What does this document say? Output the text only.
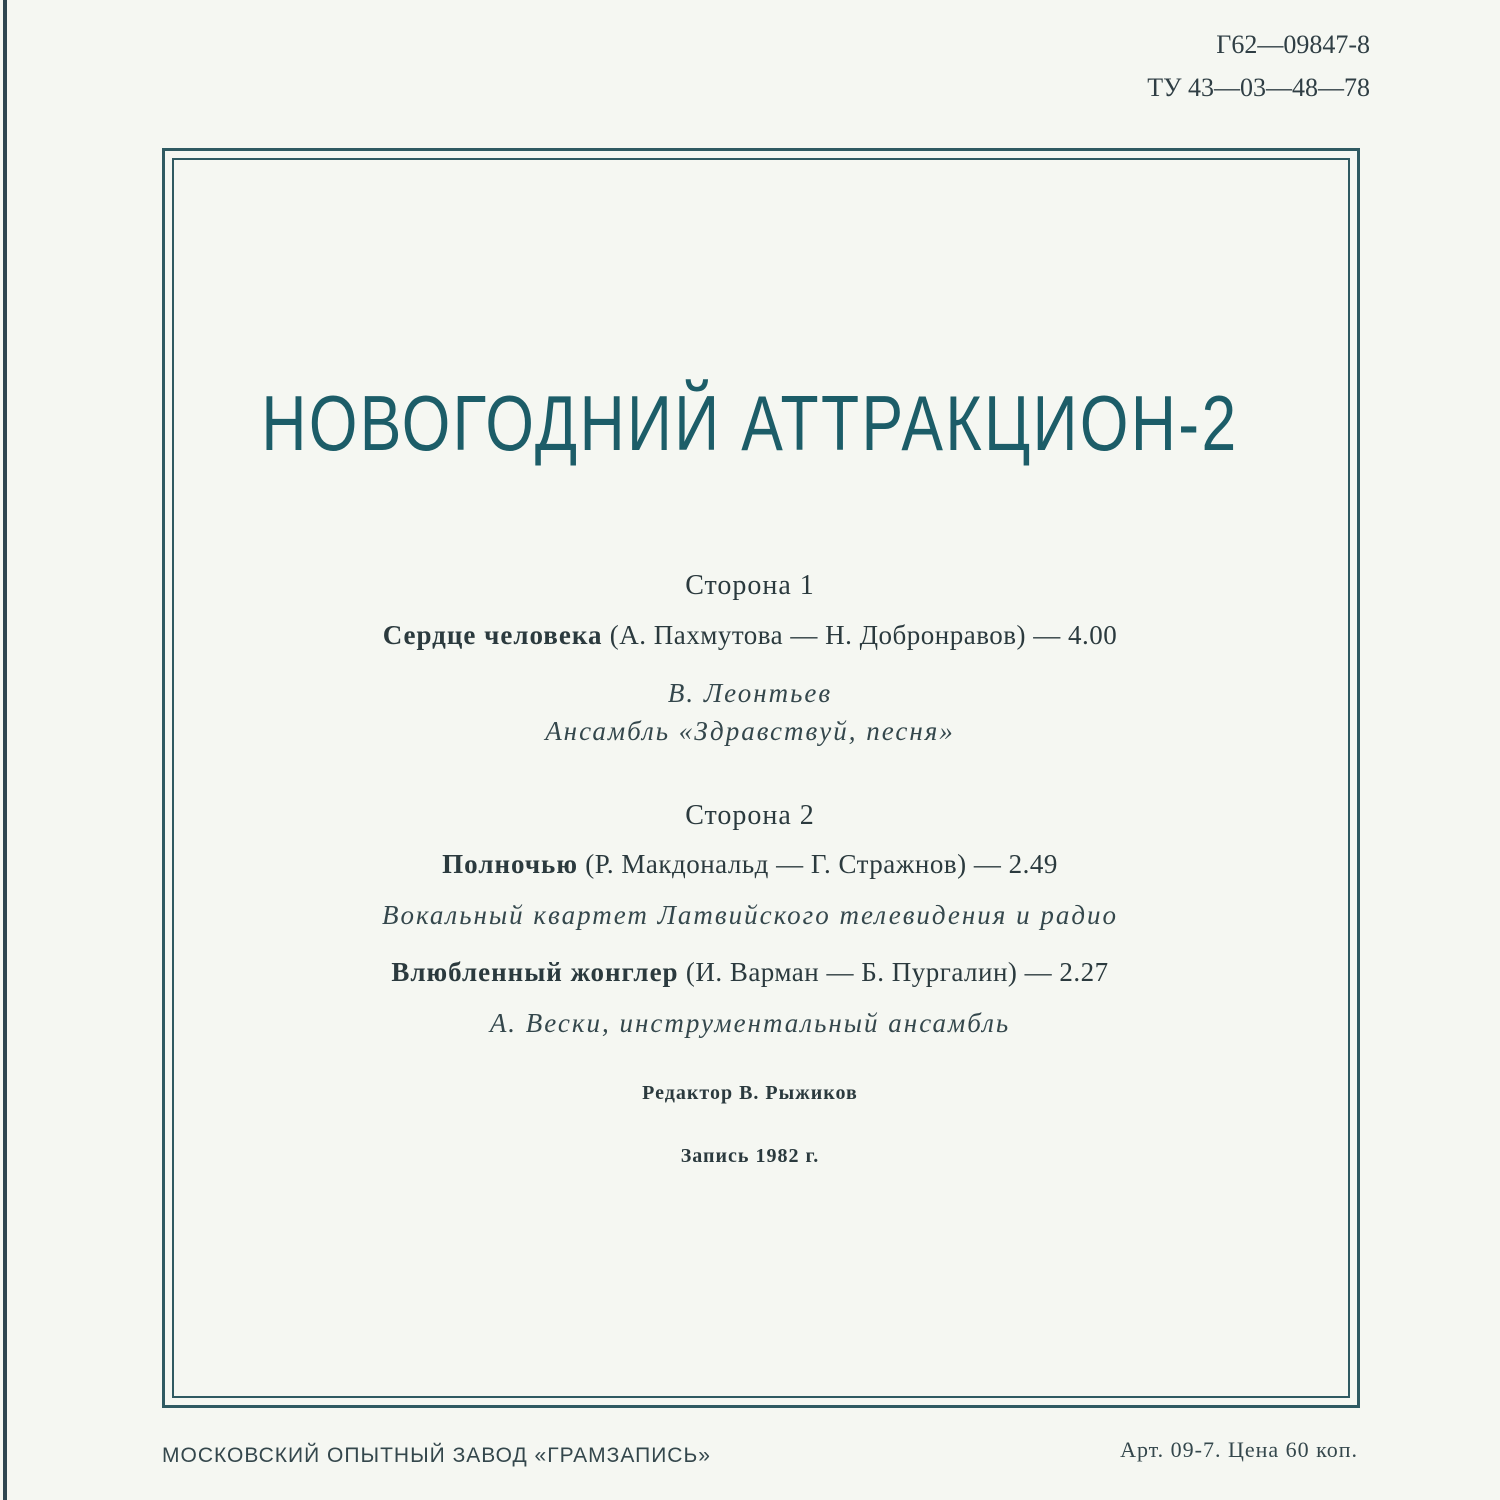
Г62—09847-8
ТУ 43—03—48—78
НОВОГОДНИЙ АТТРАКЦИОН-2
Сторона 1
Сердце человека (А. Пахмутова — Н. Добронравов) — 4.00
В. Леонтьев
Ансамбль «Здравствуй, песня»
Сторона 2
Полночью (Р. Макдональд — Г. Стражнов) — 2.49
Вокальный квартет Латвийского телевидения и радио
Влюбленный жонглер (И. Варман — Б. Пургалин) — 2.27
А. Вески, инструментальный ансамбль
Редактор В. Рыжиков
Запись 1982 г.
МОСКОВСКИЙ ОПЫТНЫЙ ЗАВОД «ГРАМЗАПИСЬ»	Арт. 09-7. Цена 60 коп.
